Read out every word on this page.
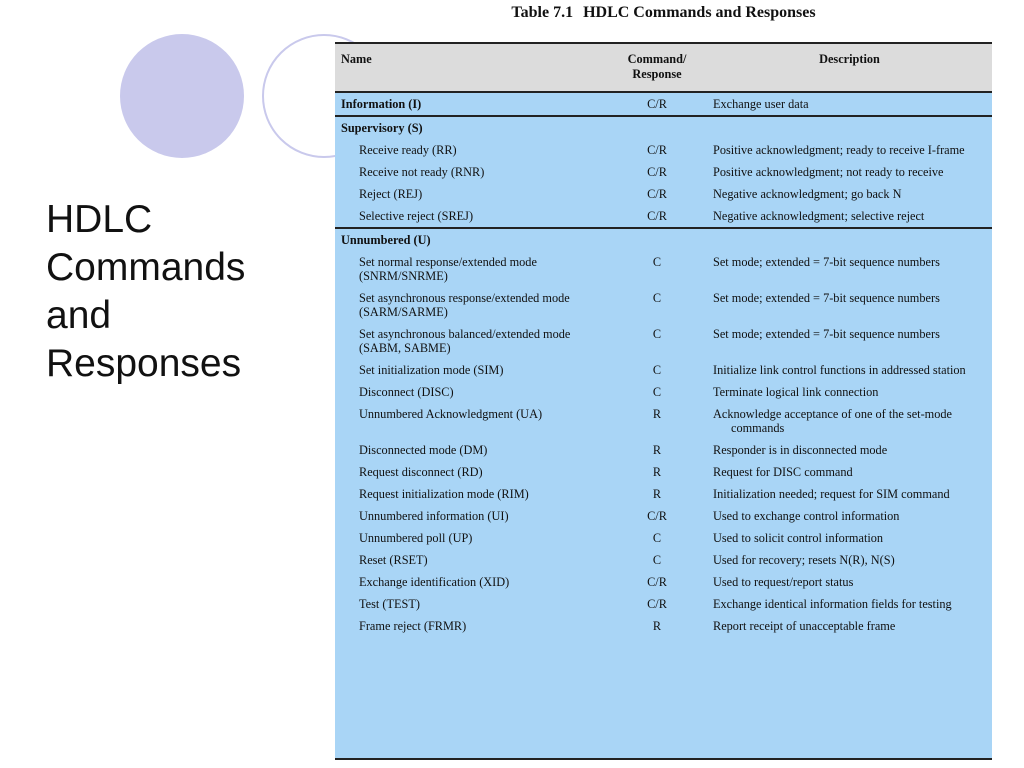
HDLC
Commands
and
Responses
Table 7.1 HDLC Commands and Responses
Name	Command/ Response	Description
Information (I)	C/R	Exchange user data

Supervisory (S)		

Receive ready (RR)	C/R	Positive acknowledgment; ready to receive I-frame

Receive not ready (RNR)	C/R	Positive acknowledgment; not ready to receive

Reject (REJ)	C/R	Negative acknowledgment; go back N

Selective reject (SREJ)	C/R	Negative acknowledgment; selective reject

Unnumbered (U)		

Set normal response/extended mode (SNRM/SNRME)	C	Set mode; extended = 7-bit sequence numbers

Set asynchronous response/extended mode (SARM/SARME)	C	Set mode; extended = 7-bit sequence numbers

Set asynchronous balanced/extended mode (SABM, SABME)	C	Set mode; extended = 7-bit sequence numbers

Set initialization mode (SIM)	C	Initialize link control functions in addressed station

Disconnect (DISC)	C	Terminate logical link connection

Unnumbered Acknowledgment (UA)	R	Acknowledge acceptance of one of the set-mode commands

Disconnected mode (DM)	R	Responder is in disconnected mode

Request disconnect (RD)	R	Request for DISC command

Request initialization mode (RIM)	R	Initialization needed; request for SIM command

Unnumbered information (UI)	C/R	Used to exchange control information

Unnumbered poll (UP)	C	Used to solicit control information

Reset (RSET)	C	Used for recovery; resets N(R), N(S)

Exchange identification (XID)	C/R	Used to request/report status

Test (TEST)	C/R	Exchange identical information fields for testing

Frame reject (FRMR)	R	Report receipt of unacceptable frame
